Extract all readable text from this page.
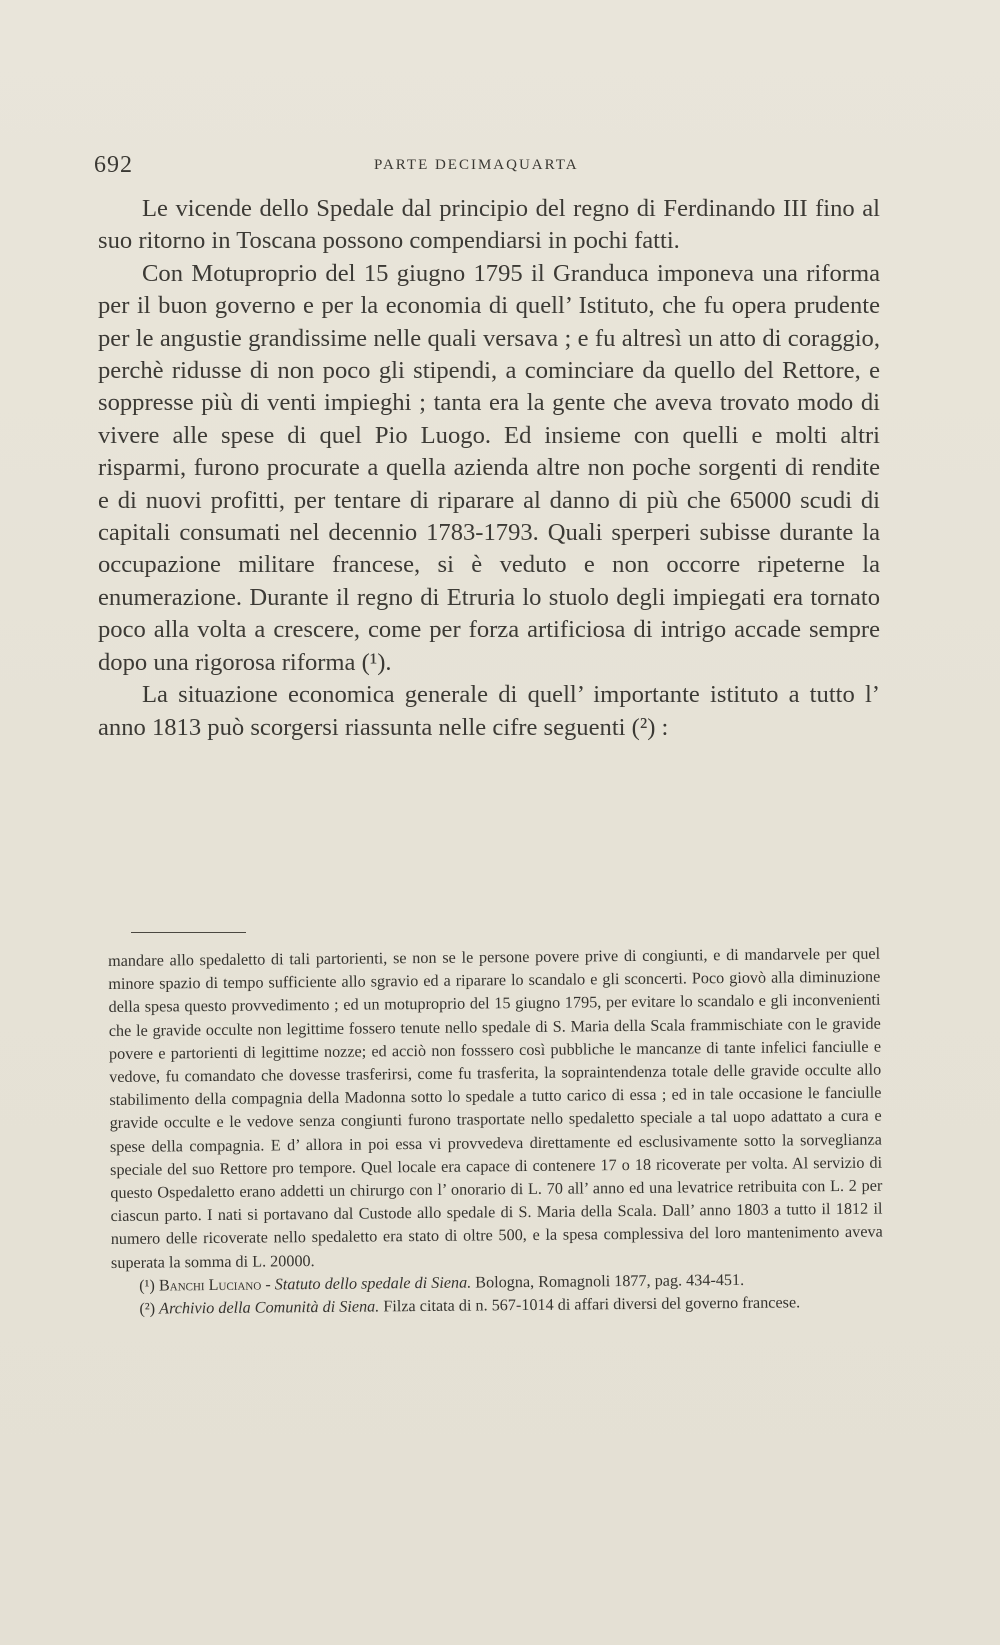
692	PARTE DECIMAQUARTA

Le vicende dello Spedale dal principio del regno di Ferdinando III fino al suo ritorno in Toscana possono compendiarsi in pochi fatti.

Con Motuproprio del 15 giugno 1795 il Granduca imponeva una riforma per il buon governo e per la economia di quell’ Istituto, che fu opera prudente per le angustie grandissime nelle quali versava ; e fu altresì un atto di coraggio, perchè ridusse di non poco gli stipendi, a cominciare da quello del Rettore, e soppresse più di venti impieghi ; tanta era la gente che aveva trovato modo di vivere alle spese di quel Pio Luogo. Ed insieme con quelli e molti altri risparmi, furono procurate a quella azienda altre non poche sorgenti di rendite e di nuovi profitti, per tentare di riparare al danno di più che 65000 scudi di capitali consumati nel decennio 1783-1793. Quali sperperi subisse durante la occupazione militare francese, si è veduto e non occorre ripeterne la enumerazione. Durante il regno di Etruria lo stuolo degli impiegati era tornato poco alla volta a crescere, come per forza artificiosa di intrigo accade sempre dopo una rigorosa riforma (¹).

La situazione economica generale di quell’ importante istituto a tutto l’ anno 1813 può scorgersi riassunta nelle cifre seguenti (²) :

mandare allo spedaletto di tali partorienti, se non se le persone povere prive di congiunti, e di mandarvele per quel minore spazio di tempo sufficiente allo sgravio ed a riparare lo scandalo e gli sconcerti. Poco giovò alla diminuzione della spesa questo provvedimento ; ed un motuproprio del 15 giugno 1795, per evitare lo scandalo e gli inconvenienti che le gravide occulte non legittime fossero tenute nello spedale di S. Maria della Scala frammischiate con le gravide povere e partorienti di legittime nozze; ed acciò non fosssero così pubbliche le mancanze di tante infelici fanciulle e vedove, fu comandato che dovesse trasferirsi, come fu trasferita, la sopraintendenza totale delle gravide occulte allo stabilimento della compagnia della Madonna sotto lo spedale a tutto carico di essa ; ed in tale occasione le fanciulle gravide occulte e le vedove senza congiunti furono trasportate nello spedaletto speciale a tal uopo adattato a cura e spese della compagnia. E d’ allora in poi essa vi provvedeva direttamente ed esclusivamente sotto la sorveglianza speciale del suo Rettore pro tempore. Quel locale era capace di contenere 17 o 18 ricoverate per volta. Al servizio di questo Ospedaletto erano addetti un chirurgo con l’ onorario di L. 70 all’ anno ed una levatrice retribuita con L. 2 per ciascun parto. I nati si portavano dal Custode allo spedale di S. Maria della Scala. Dall’ anno 1803 a tutto il 1812 il numero delle ricoverate nello spedaletto era stato di oltre 500, e la spesa complessiva del loro mantenimento aveva superata la somma di L. 20000.

(¹) Banchi Luciano - Statuto dello spedale di Siena. Bologna, Romagnoli 1877, pag. 434-451.

(²) Archivio della Comunità di Siena. Filza citata di n. 567-1014 di affari diversi del governo francese.
